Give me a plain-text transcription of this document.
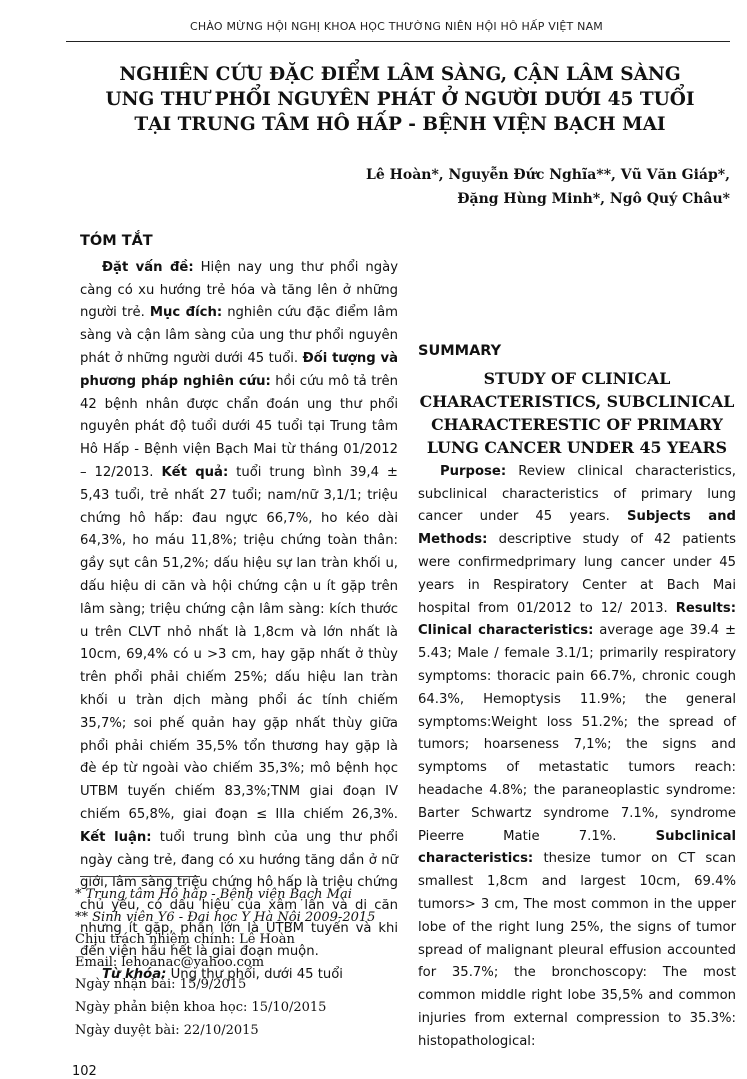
CHÀO MỪNG HỘI NGHỊ KHOA HỌC THƯỜNG NIÊN HỘI HÔ HẤP VIỆT NAM
NGHIÊN CỨU ĐẶC ĐIỂM LÂM SÀNG, CẬN LÂM SÀNG
UNG THƯ PHỔI NGUYÊN PHÁT Ở NGƯỜI DƯỚI 45 TUỔI
TẠI TRUNG TÂM HÔ HẤP - BỆNH VIỆN BẠCH MAI
Lê Hoàn*, Nguyễn Đức Nghĩa**, Vũ Văn Giáp*,
Đặng Hùng Minh*, Ngô Quý Châu*
TÓM TẮT

Đặt vấn đề: Hiện nay ung thư phổi ngày càng có xu hướng trẻ hóa và tăng lên ở những người trẻ. Mục đích: nghiên cứu đặc điểm lâm sàng và cận lâm sàng của ung thư phổi nguyên phát ở những người dưới 45 tuổi. Đối tượng và phương pháp nghiên cứu: hồi cứu mô tả trên 42 bệnh nhân được chẩn đoán ung thư phổi nguyên phát độ tuổi dưới 45 tuổi tại Trung tâm Hô Hấp - Bệnh viện Bạch Mai từ tháng 01/2012 – 12/2013. Kết quả: tuổi trung bình 39,4 ± 5,43 tuổi, trẻ nhất 27 tuổi; nam/nữ 3,1/1; triệu chứng hô hấp: đau ngực 66,7%, ho kéo dài 64,3%, ho máu 11,8%; triệu chứng toàn thân: gầy sụt cân 51,2%; dấu hiệu sự lan tràn khối u, dấu hiệu di căn và hội chứng cận u ít gặp trên lâm sàng; triệu chứng cận lâm sàng: kích thước u trên CLVT nhỏ nhất là 1,8cm và lớn nhất là 10cm, 69,4% có u >3 cm, hay gặp nhất ở thùy trên phổi phải chiếm 25%; dấu hiệu lan tràn khối u tràn dịch màng phổi ác tính chiếm 35,7%; soi phế quản hay gặp nhất thùy giữa phổi phải chiếm 35,5% tổn thương hay gặp là đè ép từ ngoài vào chiếm 35,3%; mô bệnh học UTBM tuyến chiếm 83,3%;TNM giai đoạn IV chiếm 65,8%, giai đoạn ≤ IIIa chiếm 26,3%. Kết luận: tuổi trung bình của ung thư phổi ngày càng trẻ, đang có xu hướng tăng dần ở nữ giới, lâm sàng triệu chứng hô hấp là triệu chứng chủ yếu, có dấu hiệu của xâm lấn và di căn nhưng ít gặp, phần lớn là UTBM tuyến và khi đến viện hầu hết là giai đoạn muộn.

Từ khóa: Ung thư phổi, dưới 45 tuổi

* Trung tâm Hô hấp - Bệnh viện Bạch Mai
** Sinh viên Y6 - Đại học Y Hà Nội 2009-2015
Chịu trách nhiệm chính: Lê Hoàn
Email: lehoanac@yahoo.com
Ngày nhận bài: 15/9/2015
Ngày phản biện khoa học: 15/10/2015
Ngày duyệt bài: 22/10/2015
SUMMARY
STUDY OF CLINICAL
CHARACTERISTICS, SUBCLINICAL
CHARACTERESTIC OF PRIMARY
LUNG CANCER UNDER 45 YEARS

Purpose: Review clinical characteristics, subclinical characteristics of primary lung cancer under 45 years. Subjects and Methods: descriptive study of 42 patients were confirmedprimary lung cancer under 45 years in Respiratory Center at Bach Mai hospital from 01/2012 to 12/ 2013. Results: Clinical characteristics: average age 39.4 ± 5.43; Male / female 3.1/1; primarily respiratory symptoms: thoracic pain 66.7%, chronic cough 64.3%, Hemoptysis 11.9%; the general symptoms:Weight loss 51.2%; the spread of tumors; hoarseness 7,1%; the signs and symptoms of metastatic tumors reach: headache 4.8%; the paraneoplastic syndrome: Barter Schwartz syndrome 7.1%, syndrome Pieerre Matie 7.1%. Subclinical characteristics: thesize tumor on CT scan smallest 1,8cm and largest 10cm, 69.4% tumors> 3 cm, The most common in the upper lobe of the right lung 25%, the signs of tumor spread of malignant pleural effusion accounted for 35.7%; the bronchoscopy: The most common middle right lobe 35,5% and common injuries from external compression to 35.3%: histopathological:

102
